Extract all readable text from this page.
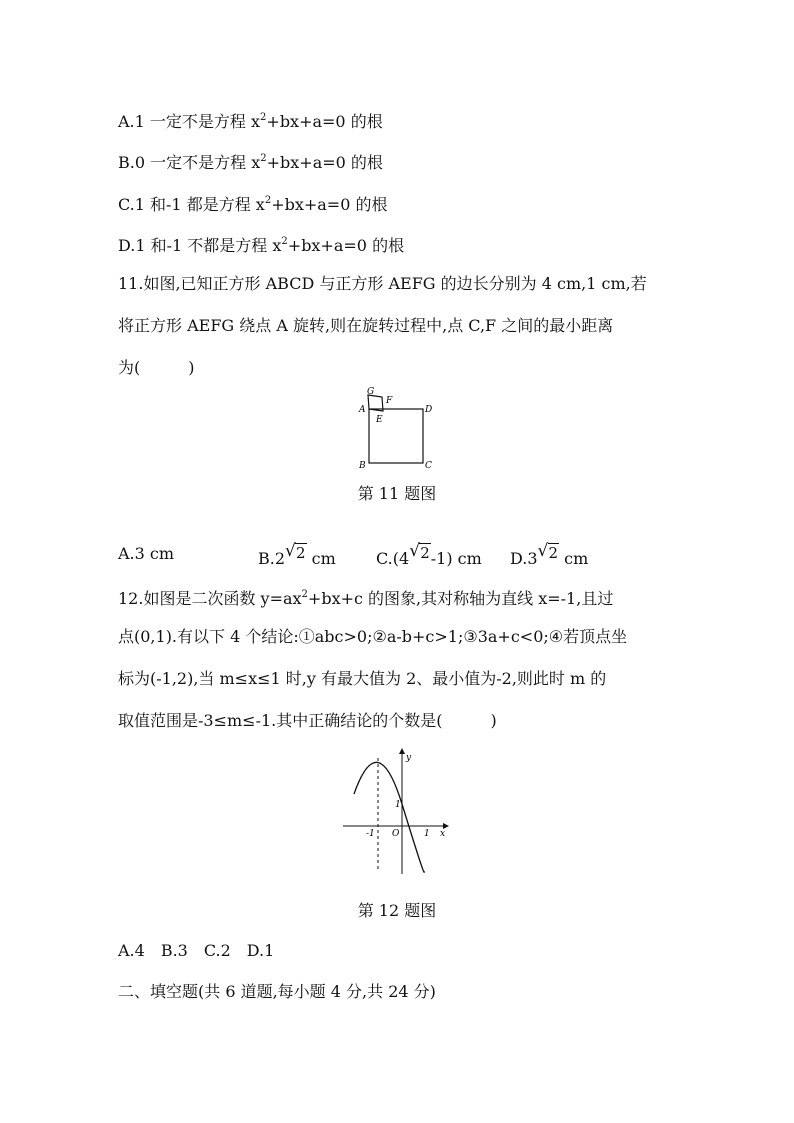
A.1 一定不是方程 $x^2+bx+a=0$ 的根
B.0 一定不是方程 $x^2+bx+a=0$ 的根
C.1 和-1 都是方程 $x^2+bx+a=0$ 的根
D.1 和-1 不都是方程 $x^2+bx+a=0$ 的根
11.如图,已知正方形 ABCD 与正方形 AEFG 的边长分别为 4 cm,1 cm,若
将正方形 AEFG 绕点 A 旋转,则在旋转过程中,点 C,F 之间的最小距离
为(　　　)
A
B	C
D
E
F
G
第 11 题图
A.3 cm	B.2 √ 2 cm	C.(4 √ 2-1) cm D.3 √ 2 cm
12.如图是二次函数 $y=ax^2+bx+c$ 的图象,其对称轴为直线 x=-1,且过
点(0,1).有以下 4 个结论:①abc>0;②a-b+c>1;③3a+c<0;④若顶点坐
标为(-1,2),当 m≤x≤1 时,y 有最大值为 2、最小值为-2,则此时 m 的
取值范围是-3≤m≤-1.其中正确结论的个数是(　　　)
y
x
1
-1 O	1
第 12 题图
A.4　B.3　C.2　D.1
二、填空题(共 6 道题,每小题 4 分,共 24 分)
